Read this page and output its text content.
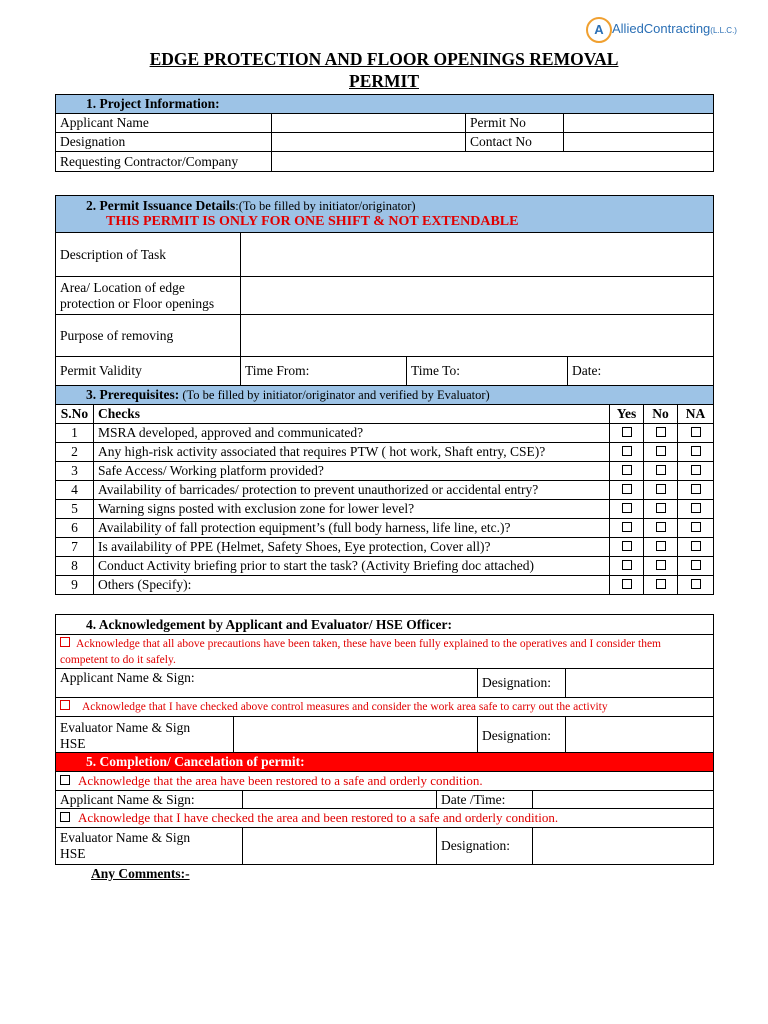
A AlliedContracting(L.L.C.)
EDGE PROTECTION AND FLOOR OPENINGS REMOVAL
PERMIT
1. Project Information:			
Applicant Name		Permit No	
Designation		Contact No	
Requesting Contractor/Company			
2. Permit Issuance Details:(To be filled by initiator/originator)
THIS PERMIT IS ONLY FOR ONE SHIFT & NOT EXTENDABLE			

Description of Task			
Area/ Location of edge protection or Floor openings			
Purpose of removing			
Permit Validity	Time From:	Time To:	Date:
3. Prerequisites: (To be filled by initiator/originator and verified by Evaluator)				
S.No	Checks	Yes	No	NA
1	MSRA developed, approved and communicated?			
2	Any high-risk activity associated that requires PTW ( hot work, Shaft entry, CSE)?			
3	Safe Access/ Working platform provided?			
4	Availability of barricades/ protection to prevent unauthorized or accidental entry?			
5	Warning signs posted with exclusion zone for lower level?			
6	Availability of fall protection equipment’s (full body harness, life line, etc.)?			
7	Is availability of PPE (Helmet, Safety Shoes, Eye protection, Cover all)?			
8	Conduct Activity briefing prior to start the task? (Activity Briefing doc attached)			
9	Others (Specify):			
4. Acknowledgement by Applicant and Evaluator/ HSE Officer:			
Acknowledge that all above precautions have been taken, these have been fully explained to the operatives and I consider them competent to do it safely.			
Applicant Name & Sign:		Designation:	
Acknowledge that I have checked above control measures and consider the work area safe to carry out the activity			

Evaluator Name & Sign
HSE		Designation:	
5. Completion/ Cancelation of permit:			
Acknowledge that the area have been restored to a safe and orderly condition.			
Applicant Name & Sign:		Date /Time:	
Acknowledge that I have checked the area and been restored to a safe and orderly condition.			

Evaluator Name & Sign
HSE		Designation:	
Any Comments:-
